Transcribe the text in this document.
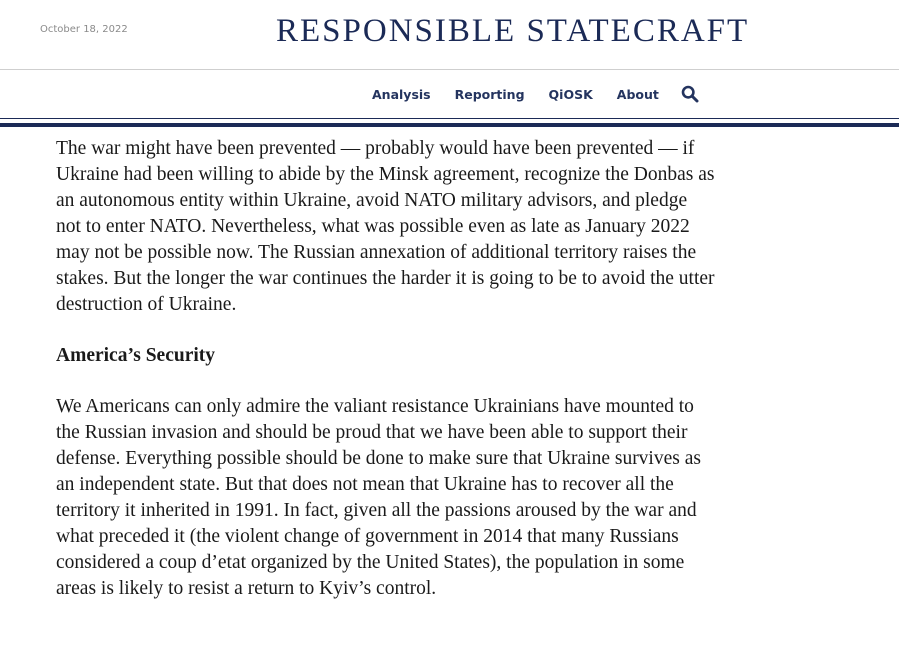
October 18, 2022	RESPONSIBLE STATECRAFT
Analysis Reporting QiOSK About

The war might have been prevented — probably would have been prevented — if Ukraine had been willing to abide by the Minsk agreement, recognize the Donbas as an autonomous entity within Ukraine, avoid NATO military advisors, and pledge not to enter NATO. Nevertheless, what was possible even as late as January 2022 may not be possible now. The Russian annexation of additional territory raises the stakes. But the longer the war continues the harder it is going to be to avoid the utter destruction of Ukraine.

America’s Security

We Americans can only admire the valiant resistance Ukrainians have mounted to the Russian invasion and should be proud that we have been able to support their defense. Everything possible should be done to make sure that Ukraine survives as an independent state. But that does not mean that Ukraine has to recover all the territory it inherited in 1991. In fact, given all the passions aroused by the war and what preceded it (the violent change of government in 2014 that many Russians considered a coup d’etat organized by the United States), the population in some areas is likely to resist a return to Kyiv’s control.
